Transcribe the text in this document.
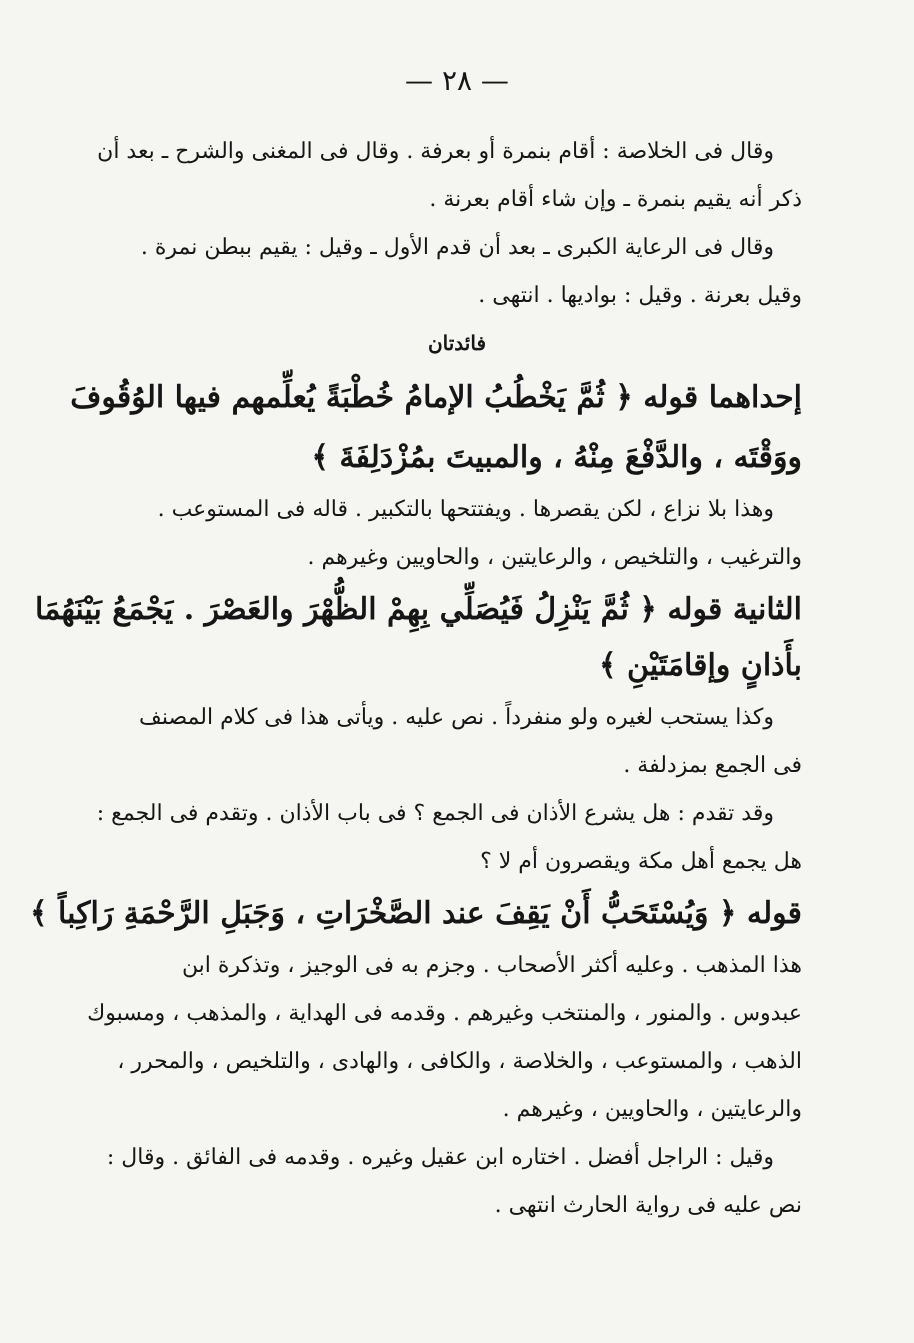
— ٢٨ —
وقال فى الخلاصة : أقام بنمرة أو بعرفة . وقال فى المغنى والشرح ـ بعد أن
ذكر أنه يقيم بنمرة ـ وإن شاء أقام بعرنة .
وقال فى الرعاية الكبرى ـ بعد أن قدم الأول ـ وقيل : يقيم ببطن نمرة .
وقيل بعرنة . وقيل : بواديها . انتهى .
فائدتان
إحداهما قوله ﴿ ثُمَّ يَخْطُبُ الإمامُ خُطْبَةً يُعلِّمهم فيها الوُقُوفَ
ووَقْتَه ، والدَّفْعَ مِنْهُ ، والمبيتَ بمُزْدَلِفَةَ ﴾
وهذا بلا نزاع ، لكن يقصرها . ويفتتحها بالتكبير . قاله فى المستوعب .
والترغيب ، والتلخيص ، والرعايتين ، والحاويين وغيرهم .
الثانية قوله ﴿ ثُمَّ يَنْزِلُ فَيُصَلِّي بِهِمْ الظُّهْرَ والعَصْرَ . يَجْمَعُ بَيْنَهُمَا
بأَذانٍ وإقامَتَيْنِ ﴾
وكذا يستحب لغيره ولو منفرداً . نص عليه . ويأتى هذا فى كلام المصنف
فى الجمع بمزدلفة .
وقد تقدم : هل يشرع الأذان فى الجمع ؟ فى باب الأذان . وتقدم فى الجمع :
هل يجمع أهل مكة ويقصرون أم لا ؟
قوله ﴿ وَيُسْتَحَبُّ أَنْ يَقِفَ عند الصَّخْرَاتِ ، وَجَبَلِ الرَّحْمَةِ رَاكِباً ﴾
هذا المذهب . وعليه أكثر الأصحاب . وجزم به فى الوجيز ، وتذكرة ابن
عبدوس . والمنور ، والمنتخب وغيرهم . وقدمه فى الهداية ، والمذهب ، ومسبوك
الذهب ، والمستوعب ، والخلاصة ، والكافى ، والهادى ، والتلخيص ، والمحرر ،
والرعايتين ، والحاويين ، وغيرهم .
وقيل : الراجل أفضل . اختاره ابن عقيل وغيره . وقدمه فى الفائق . وقال :
نص عليه فى رواية الحارث انتهى .
